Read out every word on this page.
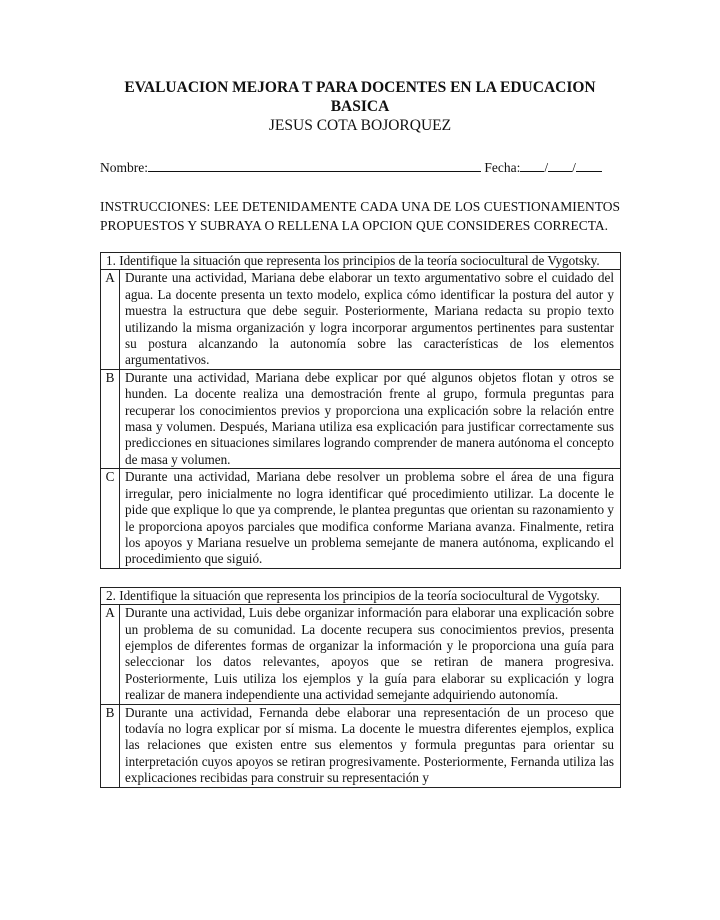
EVALUACION MEJORA T PARA DOCENTES EN LA EDUCACION

BASICA

JESUS COTA BOJORQUEZ

Nombre:	Fecha: / /
INSTRUCCIONES: LEE DETENIDAMENTE CADA UNA DE LOS CUESTIONAMIENTOS PROPUESTOS Y SUBRAYA O RELLENA LA OPCION QUE CONSIDERES CORRECTA.
1. Identifique la situación que representa los principios de la teoría sociocultural de Vygotsky.	
A	Durante una actividad, Mariana debe elaborar un texto argumentativo sobre el cuidado del agua. La docente presenta un texto modelo, explica cómo identificar la postura del autor y muestra la estructura que debe seguir. Posteriormente, Mariana redacta su propio texto utilizando la misma organización y logra incorporar argumentos pertinentes para sustentar su postura alcanzando la autonomía sobre las características de los elementos argumentativos.
B	Durante una actividad, Mariana debe explicar por qué algunos objetos flotan y otros se hunden. La docente realiza una demostración frente al grupo, formula preguntas para recuperar los conocimientos previos y proporciona una explicación sobre la relación entre masa y volumen. Después, Mariana utiliza esa explicación para justificar correctamente sus predicciones en situaciones similares logrando comprender de manera autónoma el concepto de masa y volumen.
C	Durante una actividad, Mariana debe resolver un problema sobre el área de una figura irregular, pero inicialmente no logra identificar qué procedimiento utilizar. La docente le pide que explique lo que ya comprende, le plantea preguntas que orientan su razonamiento y le proporciona apoyos parciales que modifica conforme Mariana avanza. Finalmente, retira los apoyos y Mariana resuelve un problema semejante de manera autónoma, explicando el procedimiento que siguió.
2. Identifique la situación que representa los principios de la teoría sociocultural de Vygotsky.	
A	Durante una actividad, Luis debe organizar información para elaborar una explicación sobre un problema de su comunidad. La docente recupera sus conocimientos previos, presenta ejemplos de diferentes formas de organizar la información y le proporciona una guía para seleccionar los datos relevantes, apoyos que se retiran de manera progresiva. Posteriormente, Luis utiliza los ejemplos y la guía para elaborar su explicación y logra realizar de manera independiente una actividad semejante adquiriendo autonomía.
B	Durante una actividad, Fernanda debe elaborar una representación de un proceso que todavía no logra explicar por sí misma. La docente le muestra diferentes ejemplos, explica las relaciones que existen entre sus elementos y formula preguntas para orientar su interpretación cuyos apoyos se retiran progresivamente. Posteriormente, Fernanda utiliza las explicaciones recibidas para construir su representación y
